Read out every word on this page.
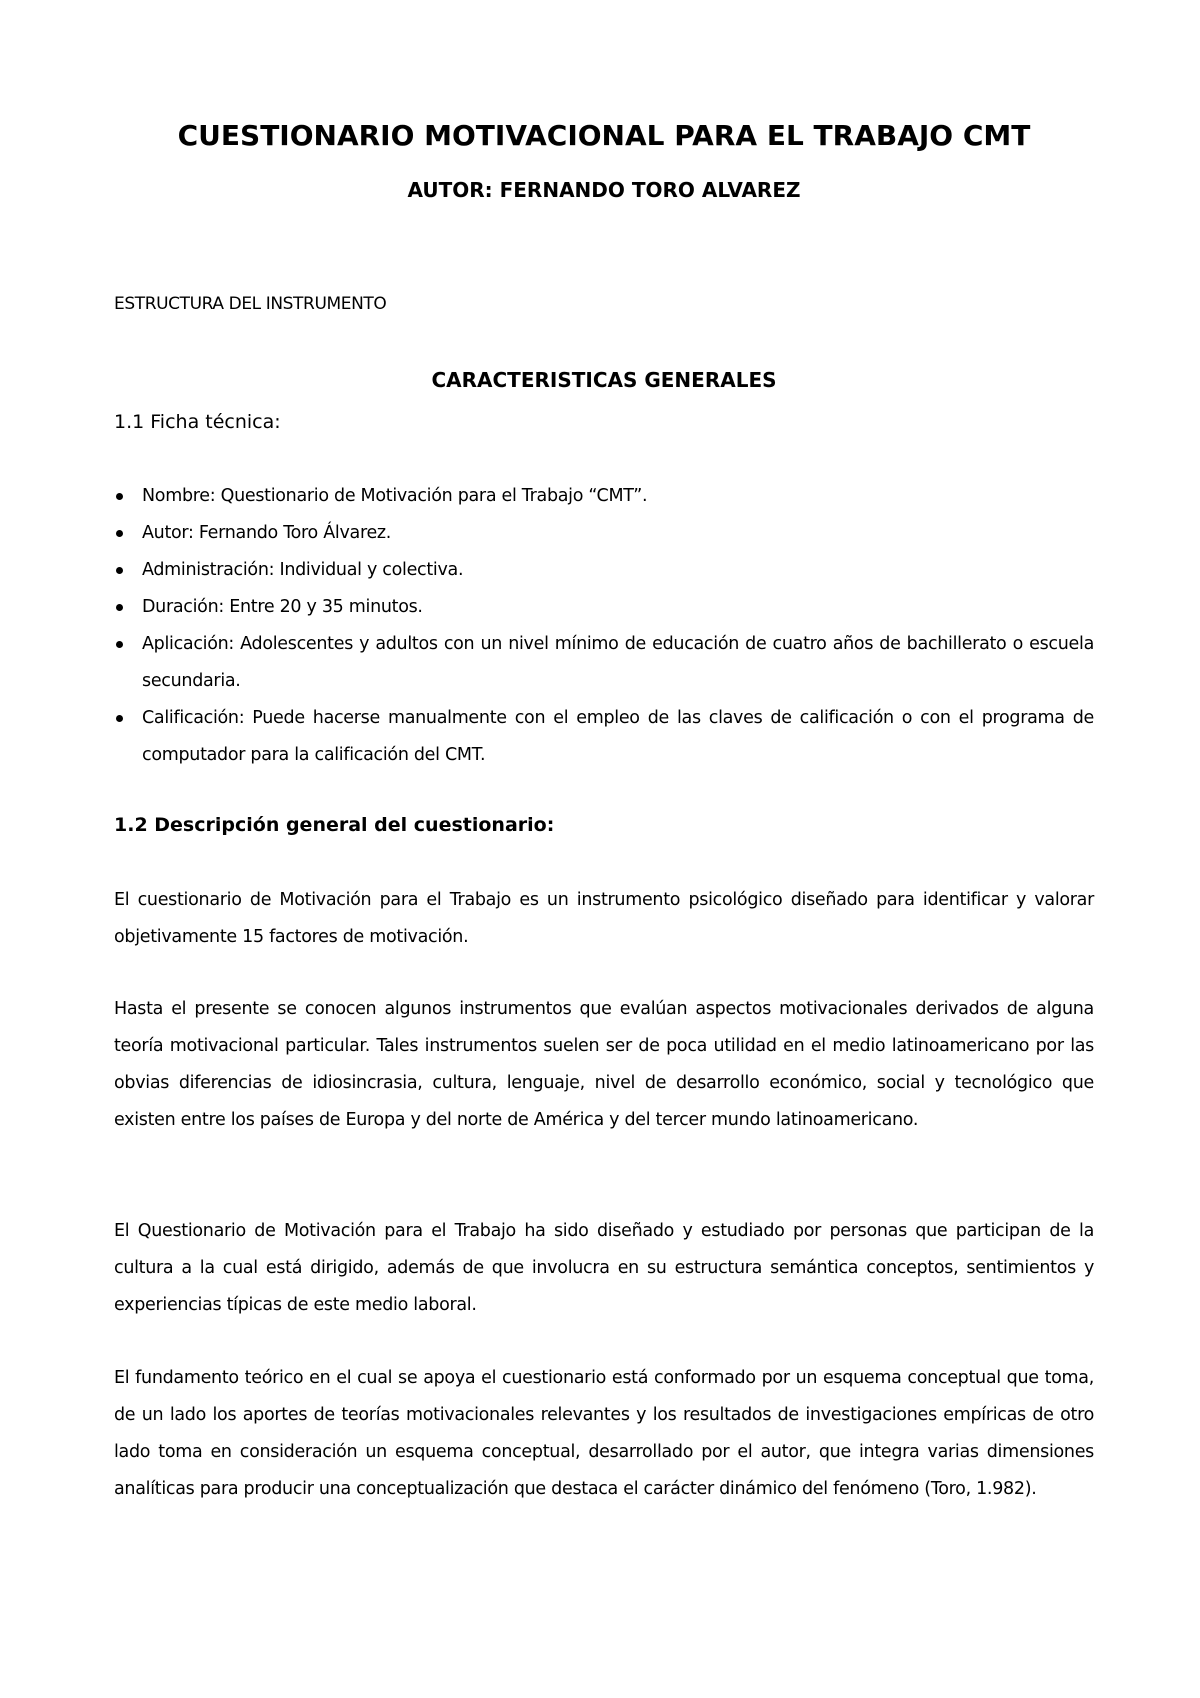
CUESTIONARIO MOTIVACIONAL PARA EL TRABAJO CMT
AUTOR: FERNANDO TORO ALVAREZ

ESTRUCTURA DEL INSTRUMENTO

CARACTERISTICAS GENERALES

1.1 Ficha técnica:

Nombre: Questionario de Motivación para el Trabajo “CMT”.
Autor: Fernando Toro Álvarez.
Administración: Individual y colectiva.
Duración: Entre 20 y 35 minutos.
Aplicación: Adolescentes y adultos con un nivel mínimo de educación de cuatro años de bachillerato o escuela secundaria.
Calificación: Puede hacerse manualmente con el empleo de las claves de calificación o con el programa de computador para la calificación del CMT.

1.2 Descripción general del cuestionario:

El cuestionario de Motivación para el Trabajo es un instrumento psicológico diseñado para identificar y valorar objetivamente 15 factores de motivación.

Hasta el presente se conocen algunos instrumentos que evalúan aspectos motivacionales derivados de alguna teoría motivacional particular. Tales instrumentos suelen ser de poca utilidad en el medio latinoamericano por las obvias diferencias de idiosincrasia, cultura, lenguaje, nivel de desarrollo económico, social y tecnológico que existen entre los países de Europa y del norte de América y del tercer mundo latinoamericano.

El Questionario de Motivación para el Trabajo ha sido diseñado y estudiado por personas que participan de la cultura a la cual está dirigido, además de que involucra en su estructura semántica conceptos, sentimientos y experiencias típicas de este medio laboral.

El fundamento teórico en el cual se apoya el cuestionario está conformado por un esquema conceptual que toma, de un lado los aportes de teorías motivacionales relevantes y los resultados de investigaciones empíricas de otro lado toma en consideración un esquema conceptual, desarrollado por el autor, que integra varias dimensiones analíticas para producir una conceptualización que destaca el carácter dinámico del fenómeno (Toro, 1.982).
